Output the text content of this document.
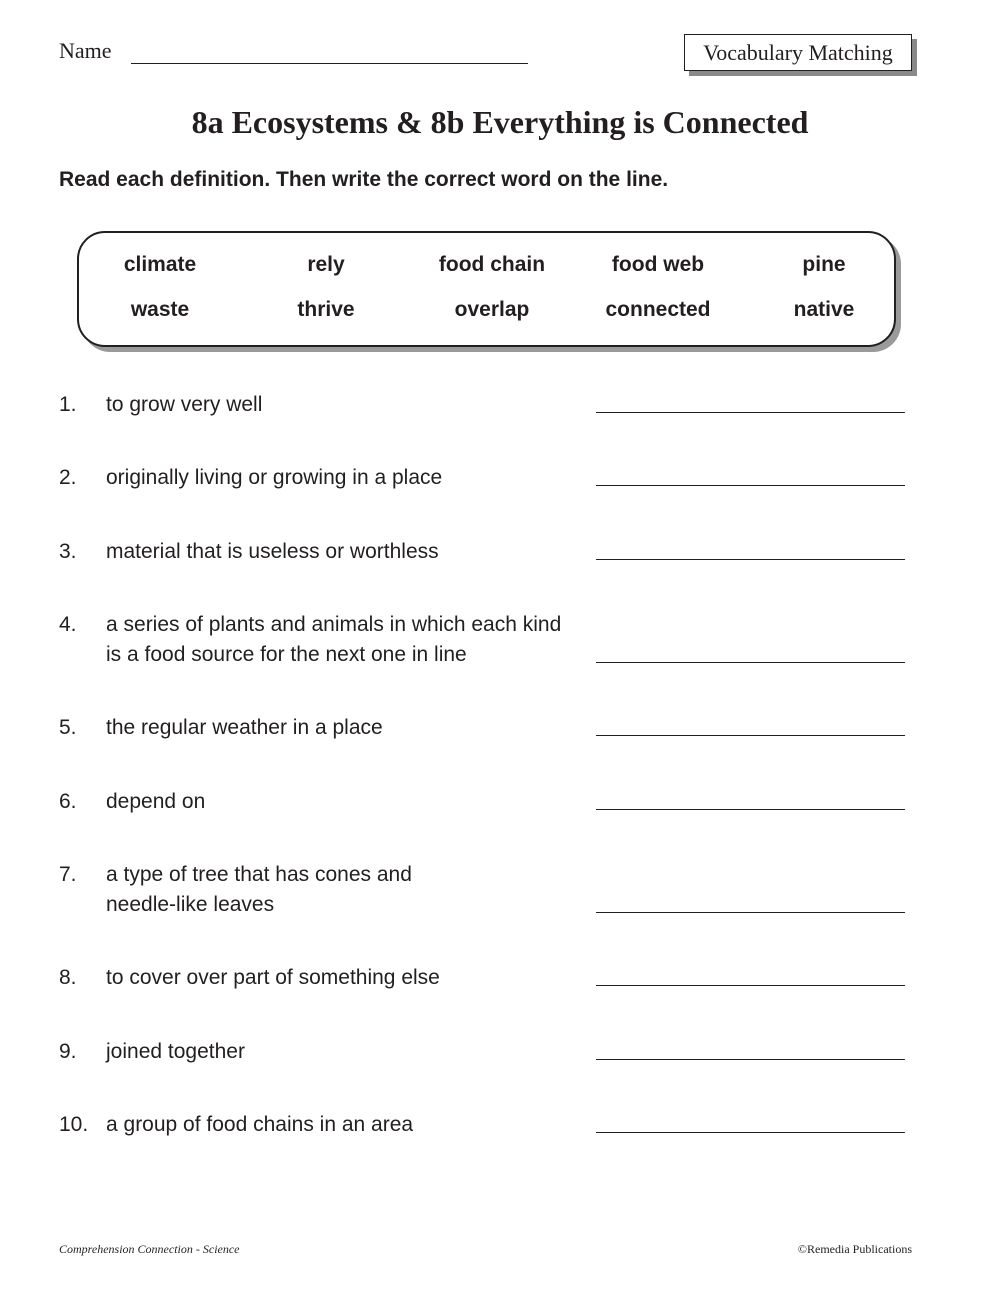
Name	Vocabulary Matching
8a Ecosystems & 8b Everything is Connected
Read each definition. Then write the correct word on the line.
climate	rely	food chain	food web	pine
waste	thrive	overlap	connected	native
1. to grow very well
2. originally living or growing in a place
3. material that is useless or worthless
4. a series of plants and animals in which each kind is a food source for the next one in line
5. the regular weather in a place
6. depend on
7. a type of tree that has cones and needle-like leaves
8. to cover over part of something else
9. joined together
10. a group of food chains in an area
Comprehension Connection - Science	©Remedia Publications
